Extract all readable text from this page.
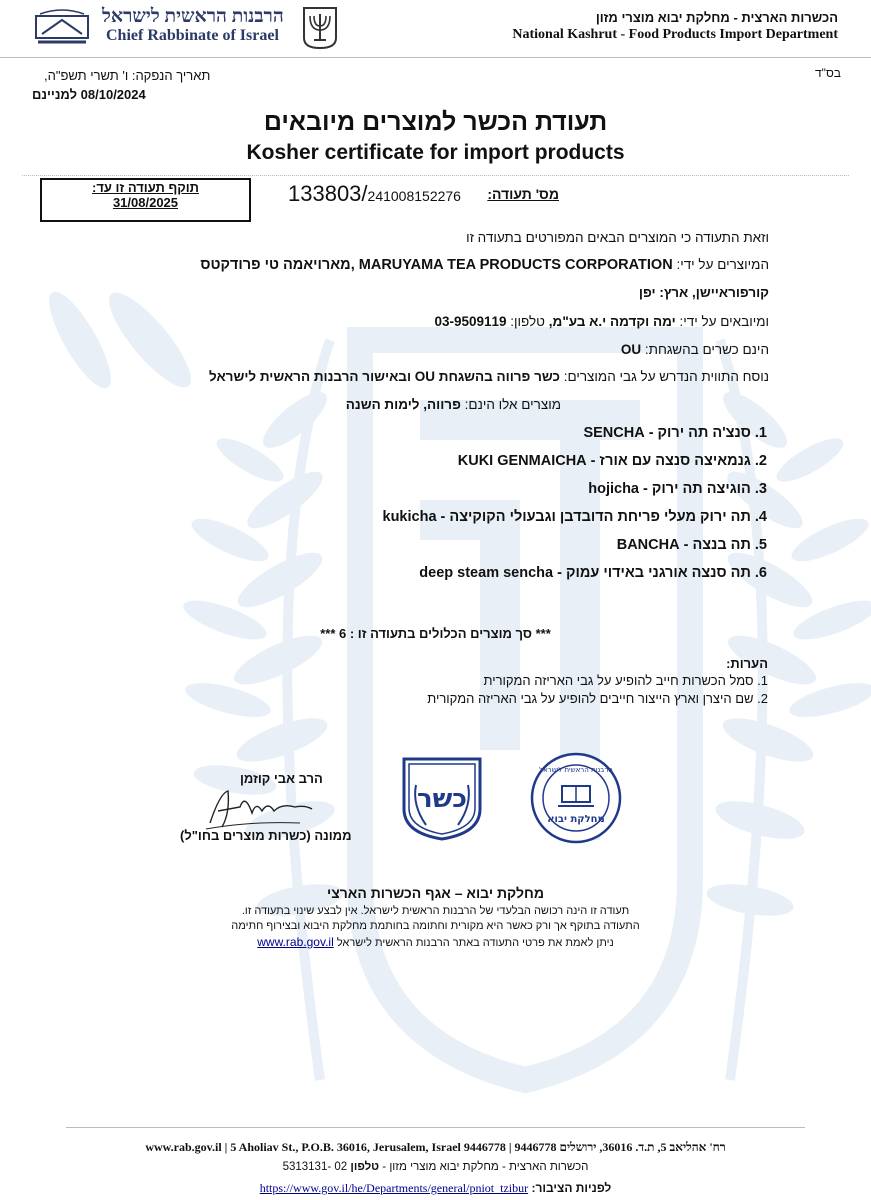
הרבנות הראשית לישראל
Chief Rabbinate of Israel
הכשרות הארצית - מחלקת יבוא מוצרי מזון
National Kashrut - Food Products Import Department
בס"ד
תאריך הנפקה: ו' תשרי תשפ"ה,
08/10/2024 למניינם
תעודת הכשר למוצרים מיובאים
Kosher certificate for import products
תוקף תעודה זו עד:
31/08/2025	133803/241008152276 מס' תעודה:
וזאת התעודה כי המוצרים הבאים המפורטים בתעודה זו
המיוצרים על ידי: MARUYAMA TEA PRODUCTS CORPORATION ,מארויאמה טי פרודקטס
קורפוראיישן, ארץ: יפן
ומיובאים על ידי: ימה וקדמה י.א בע"מ, טלפון: 03-9509119
הינם כשרים בהשגחת: OU
נוסח התווית הנדרש על גבי המוצרים: כשר פרווה בהשגחת OU ובאישור הרבנות הראשית לישראל
מוצרים אלו הינם: פרווה, לימות השנה
1. סנצ'ה תה ירוק - SENCHA
2. גנמאיצה סנצה עם אורז - KUKI GENMAICHA
3. הוגיצה תה ירוק - hojicha
4. תה ירוק מעלי פריחת הדובדבן וגבעולי הקוקיצה - kukicha
5. תה בנצה - BANCHA
6. תה סנצה אורגני באידוי עמוק - deep steam sencha
*** סך מוצרים הכלולים בתעודה זו : 6 ***
הערות:
1. סמל הכשרות חייב להופיע על גבי האריזה המקורית
2. שם היצרן וארץ הייצור חייבים להופיע על גבי האריזה המקורית
הרב אבי קוזמן
ממונה (כשרות מוצרים בחו"ל)
כשר
מחלקת יבוא
הרבנות הראשית לישראל
מחלקת יבוא – אגף הכשרות הארצי
תעודה זו הינה רכושה הבלעדי של הרבנות הראשית לישראל. אין לבצע שינוי בתעודה זו.
התעודה בתוקף אך ורק כאשר היא מקורית וחתומה בחותמת מחלקת היבוא ובצירוף חתימה
ניתן לאמת את פרטי התעודה באתר הרבנות הראשית לישראל www.rab.gov.il
www.rab.gov.il | 5 Aholiav St., P.O.B. 36016, Jerusalem, Israel 9446778 | 9446778 רח' אהליאב 5, ת.ד. 36016, ירושלים
הכשרות הארצית - מחלקת יבוא מוצרי מזון - טלפון 02 -5313131
לפניות הציבור: https://www.gov.il/he/Departments/general/pniot_tzibur
